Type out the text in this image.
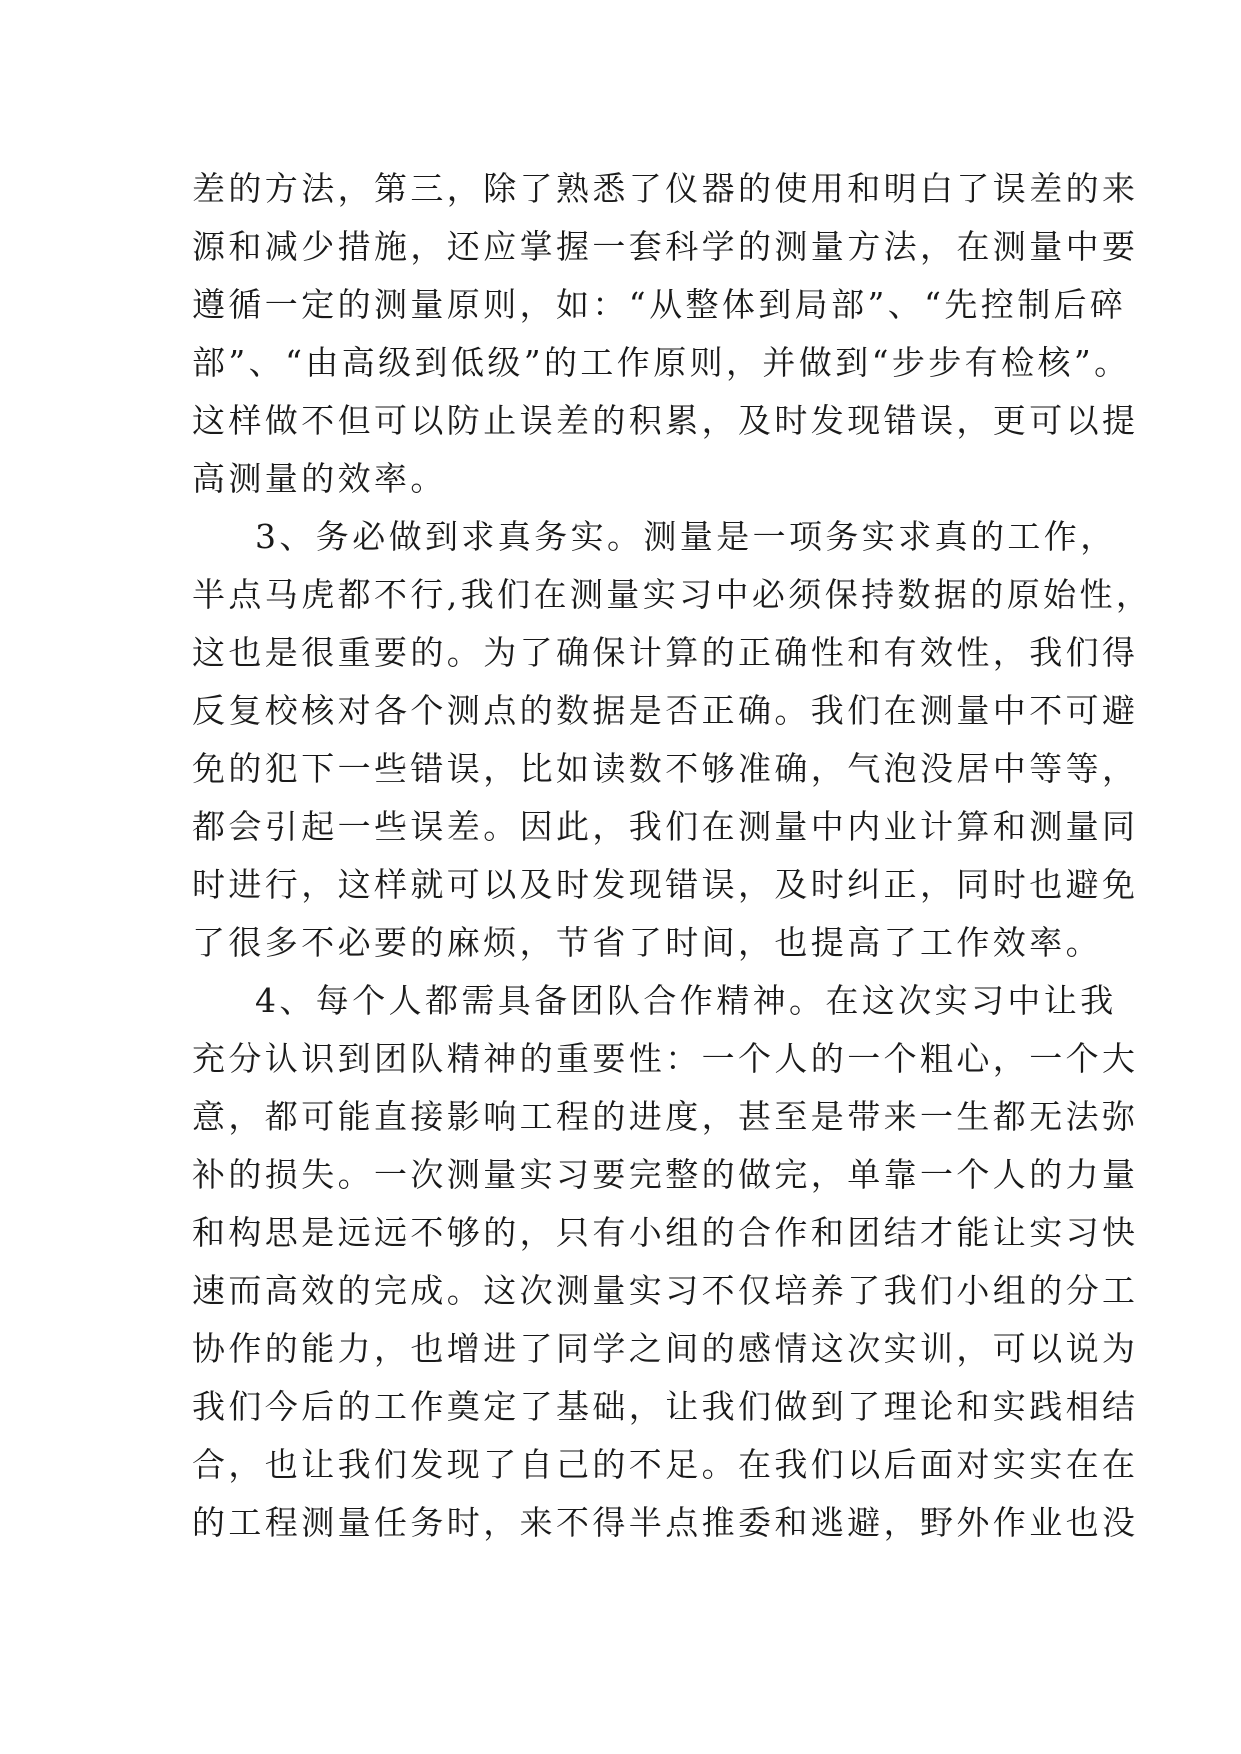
差的方法，第三，除了熟悉了仪器的使用和明白了误差的来
源和减少措施，还应掌握一套科学的测量方法，在测量中要
遵循一定的测量原则，如：“从整体到局部”、“先控制后碎
部”、“由高级到低级”的工作原则，并做到“步步有检核”。
这样做不但可以防止误差的积累，及时发现错误，更可以提
高测量的效率。
3、务必做到求真务实。测量是一项务实求真的工作，
半点马虎都不行,我们在测量实习中必须保持数据的原始性，
这也是很重要的。为了确保计算的正确性和有效性，我们得
反复校核对各个测点的数据是否正确。我们在测量中不可避
免的犯下一些错误，比如读数不够准确，气泡没居中等等，
都会引起一些误差。因此，我们在测量中内业计算和测量同
时进行，这样就可以及时发现错误，及时纠正，同时也避免
了很多不必要的麻烦，节省了时间，也提高了工作效率。
4、每个人都需具备团队合作精神。在这次实习中让我
充分认识到团队精神的重要性：一个人的一个粗心，一个大
意，都可能直接影响工程的进度，甚至是带来一生都无法弥
补的损失。一次测量实习要完整的做完，单靠一个人的力量
和构思是远远不够的，只有小组的合作和团结才能让实习快
速而高效的完成。这次测量实习不仅培养了我们小组的分工
协作的能力，也增进了同学之间的感情这次实训，可以说为
我们今后的工作奠定了基础，让我们做到了理论和实践相结
合，也让我们发现了自己的不足。在我们以后面对实实在在
的工程测量任务时，来不得半点推委和逃避，野外作业也没
